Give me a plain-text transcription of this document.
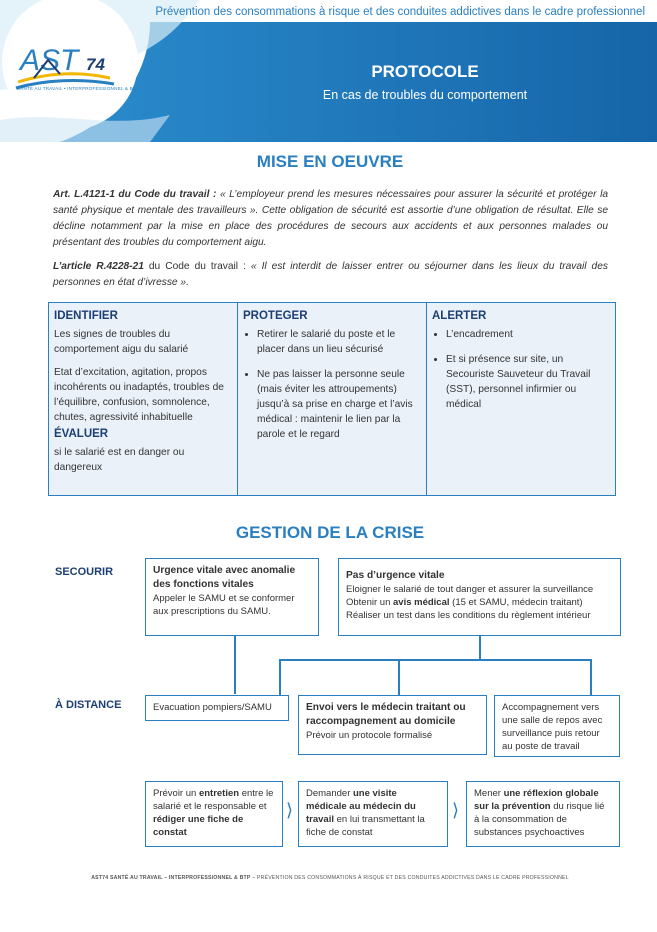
Prévention des consommations à risque et des conduites addictives dans le cadre professionnel
AST 74
SANTÉ AU TRAVAIL • INTERPROFESSIONNEL & BTP
PROTOCOLE
En cas de troubles du comportement
MISE EN OEUVRE
Art. L.4121-1 du Code du travail : « L’employeur prend les mesures nécessaires pour assurer la sécurité et protéger la santé physique et mentale des travailleurs ». Cette obligation de sécurité est assortie d’une obligation de résultat. Elle se décline notamment par la mise en place des procédures de secours aux accidents et aux personnes malades ou présentant des troubles du comportement aigu.
L’article R.4228-21 du Code du travail : « Il est interdit de laisser entrer ou séjourner dans les lieux du travail des personnes en état d’ivresse ».
IDENTIFIER

Les signes de troubles du comportement aigu du salarié

Etat d’excitation, agitation, propos incohérents ou inadaptés, troubles de l’équilibre, confusion, somnolence, chutes, agressivité inhabituelle

ÉVALUER

si le salarié est en danger ou dangereux

PROTEGER
• Retirer le salarié du poste et le placer dans un lieu sécurisé
• Ne pas laisser la personne seule (mais éviter les attroupements) jusqu’à sa prise en charge et l’avis médical : maintenir le lien par la parole et le regard
ALERTER
• L’encadrement
• Et si présence sur site, un Secouriste Sauveteur du Travail (SST), personnel infirmier ou médical
GESTION DE LA CRISE
SECOURIR
À DISTANCE
Urgence vitale avec anomalie des fonctions vitales
Appeler le SAMU et se conformer aux prescriptions du SAMU.
Pas d’urgence vitale
Eloigner le salarié de tout danger et assurer la surveillance
Obtenir un avis médical (15 et SAMU, médecin traitant)
Réaliser un test dans les conditions du règlement intérieur
Evacuation pompiers/SAMU	Envoi vers le médecin traitant ou raccompagnement au domicile
Prévoir un protocole formalisé
Accompagnement vers une salle de repos avec surveillance puis retour au poste de travail
Prévoir un entretien entre le salarié et le responsable et rédiger une fiche de constat
⟩
Demander une visite médicale au médecin du travail en lui transmettant la fiche de constat
⟩
Mener une réflexion globale sur la prévention du risque lié à la consommation de substances psychoactives
AST74 SANTÉ AU TRAVAIL – INTERPROFESSIONNEL & BTP – PRÉVENTION DES CONSOMMATIONS À RISQUE ET DES CONDUITES ADDICTIVES DANS LE CADRE PROFESSIONNEL
